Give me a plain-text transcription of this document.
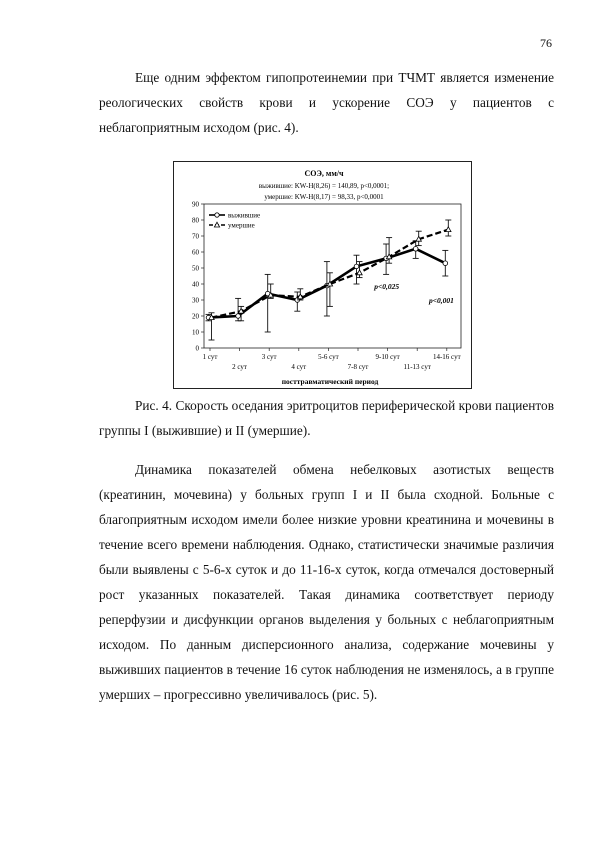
76

Еще одним эффектом гипопротеинемии при ТЧМТ является изменение реологических свойств крови и ускорение СОЭ у пациентов с неблагоприятным исходом (рис. 4).

СОЭ, мм/ч
выжившие: KW-H(8,26) = 140,89, p<0,0001;
умершие: KW-H(8,17) = 98,33, p<0,0001
посттравматический период
0
10
20
30
40
50
60
70
80
90
1 сут
2 сут
3 сут
4 сут
5-6 сут
7-8 сут
9-10 сут
11-13 сут
14-16 сут
выжившие
умершие
p<0,025
p<0,001

Рис. 4. Скорость оседания эритроцитов периферической крови пациентов группы I (выжившие) и II (умершие).

Динамика показателей обмена небелковых азотистых веществ (креатинин, мочевина) у больных групп I и II была сходной. Больные с благоприятным исходом имели более низкие уровни креатинина и мочевины в течение всего времени наблюдения. Однако, статистически значимые различия были выявлены с 5-6-х суток и до 11-16-х суток, когда отмечался достоверный рост указанных показателей. Такая динамика соответствует периоду реперфузии и дисфункции органов выделения у больных с неблагоприятным исходом. По данным дисперсионного анализа, содержание мочевины у выживших пациентов в течение 16 суток наблюдения не изменялось, а в группе умерших – прогрессивно увеличивалось (рис. 5).
